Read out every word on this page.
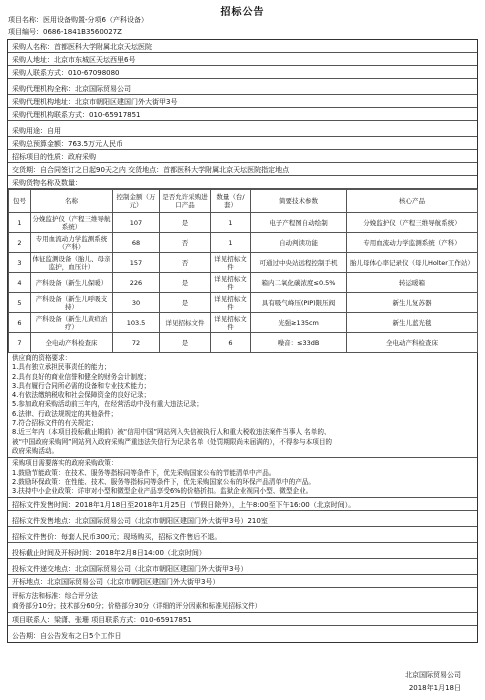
招标公告
项目名称：医用设备购置-分项6（产科设备）
项目编号：0686-1841B3560027Z
采购人名称：首都医科大学附属北京天坛医院
采购人地址：北京市东城区天坛西里6号
采购人联系方式：010-67098080
采购代理机构全称：北京国际贸易公司
采购代理机构地址：北京市朝阳区建国门外大街甲3号
采购代理机构联系方式：010-65917851
采购用途：自用
采购总预算金额：763.5万元人民币
招标项目的性质：政府采购
交货期：自合同签订之日起90天之内 交货地点：首都医科大学附属北京天坛医院指定地点
采购货物名称及数量：
包号	名称	控制金额（万元）	是否允许采购进口产品	数量（台/套）	简要技术参数	核心产品
1	分娩监护仪（产程三维导航系统）	107	是	1	电子产程图自动绘制	分娩监护仪（产程三维导航系统）
2	专用血流动力学监测系统（产科）	68	否	1	自动判读功能	专用血流动力学监测系统（产科）
3	体征监测设备（胎儿、母亲监护，血压计）	157	否	详见招标文件	可通过中央站远程控制手机	胎儿母体心率记录仪（母儿Holter工作站）
4	产科设备（新生儿保暖）	226	是	详见招标文件	箱内二氧化碳浓度≤0.5%	转运暖箱
5	产科设备（新生儿呼吸支持）	30	是	详见招标文件	具有吸气峰压(PIP)限压阀	新生儿复苏器
6	产科设备（新生儿黄疸治疗）	103.5	详见招标文件	详见招标文件	光强≥135cm	新生儿蓝光毯
7	全电动产科检查床	72	是	6	噪音：≤33dB	全电动产科检查床
供应商的资格要求：
1.具有独立承担民事责任的能力；
2.具有良好的商业信誉和健全的财务会计制度；
3.具有履行合同所必需的设备和专业技术能力；
4.有依法缴纳税收和社会保障资金的良好记录；
5.参加政府采购活动前三年内，在经营活动中没有重大违法记录；
6.法律、行政法规规定的其他条件；
7.符合招标文件的有关规定；
8.近三年内（本项目投标截止期前）被“信用中国”网站列入失信被执行人和重大税收违法案件当事人 名单的、
被“中国政府采购网”网站列入政府采购严重违法失信行为记录名单（处罚期限尚未届满的），不得参与本项目的
政府采购活动。
采购项目需要落实的政府采购政策：
1.鼓励节能政策：在技术、服务等指标同等条件下，优先采购国家公布的节能清单中产品。
2.鼓励环保政策：在性能、技术、服务等指标同等条件下，优先采购国家公布的环保产品清单中的产品。
3.扶持中小企业政策：详审对小型和微型企业产品享受6%的价格折扣。监狱企业视同小型、微型企业。
招标文件发售时间：2018年1月18日至2018年1月25日（节假日除外），上午8:00至下午16:00（北京时间）。
招标文件发售地点：北京国际贸易公司（北京市朝阳区建国门外大街甲3号）210室
招标文件售价：每套人民币300元；现场购买，招标文件售后不退。
投标截止时间及开标时间：2018年2月8日14:00（北京时间）
投标文件递交地点：北京国际贸易公司（北京市朝阳区建国门外大街甲3号）
开标地点：北京国际贸易公司（北京市朝阳区建国门外大街甲3号）
评标方法和标准：综合评分法
商务部分10分；技术部分60分；价格部分30分（详细的评分因素和标准见招标文件）
项目联系人：梁潇、张珊 项目联系方式：010-65917851
公告期：自公告发布之日5个工作日
北京国际贸易公司
2018年1月18日
